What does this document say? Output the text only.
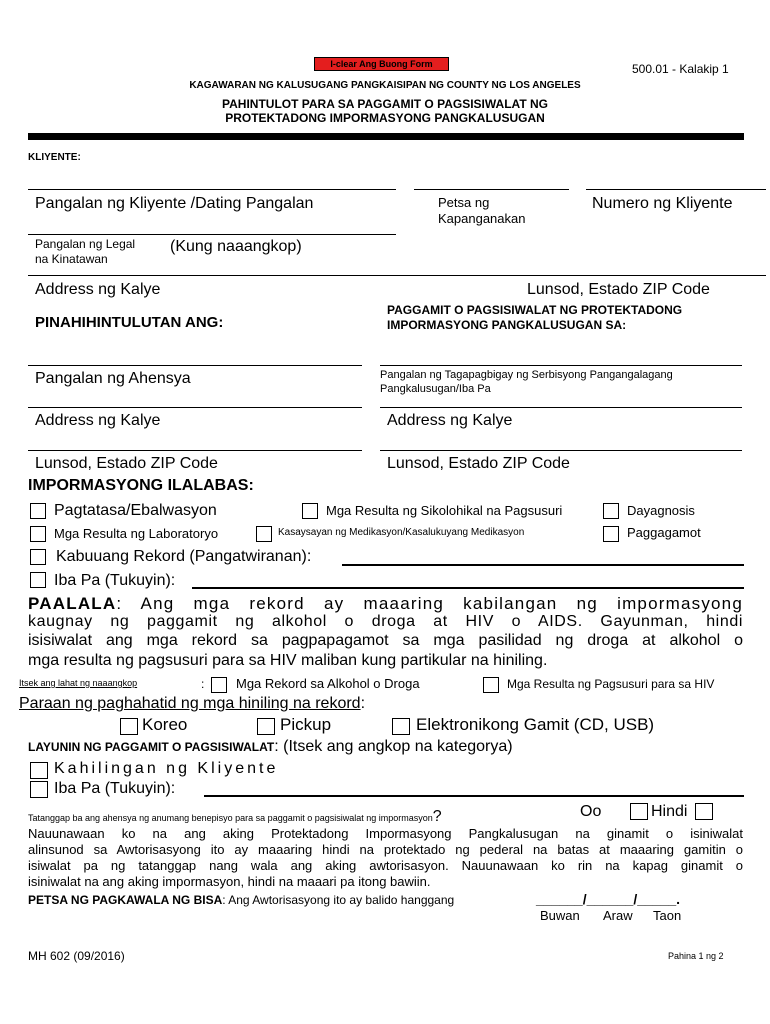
I-clear Ang Buong Form	500.01 - Kalakip 1
KAGAWARAN NG KALUSUGANG PANGKAISIPAN NG COUNTY NG LOS ANGELES
PAHINTULOT PARA SA PAGGAMIT O PAGSISIWALAT NG
PROTEKTADONG IMPORMASYONG PANGKALUSUGAN
KLIYENTE:
Pangalan ng Kliyente /Dating Pangalan	Petsa ng
Kapanganakan
Numero ng Kliyente
Pangalan ng Legal
na Kinatawan
(Kung naaangkop)
Address ng Kalye	Lunsod, Estado ZIP Code
PINAHIHINTULUTAN ANG:
PAGGAMIT O PAGSISIWALAT NG PROTEKTADONG
IMPORMASYONG PANGKALUSUGAN SA:
Pangalan ng Ahensya	Pangalan ng Tagapagbigay ng Serbisyong Pangangalagang
Pangkalusugan/Iba Pa
Address ng Kalye	Address ng Kalye
Lunsod, Estado ZIP Code	Lunsod, Estado ZIP Code
IMPORMASYONG ILALABAS:
Pagtatasa/Ebalwasyon	Mga Resulta ng Sikolohikal na Pagsusuri	Dayagnosis
Mga Resulta ng Laboratoryo	Kasaysayan ng Medikasyon/Kasalukuyang Medikasyon	Paggagamot
Kabuuang Rekord (Pangatwiranan):
Iba Pa (Tukuyin):
PAALALA: Ang mga rekord ay maaaring kabilangan ng impormasyong
kaugnay ng paggamit ng alkohol o droga at HIV o AIDS. Gayunman, hindi
isisiwalat ang mga rekord sa pagpapagamot sa mga pasilidad ng droga at alkohol o
mga resulta ng pagsusuri para sa HIV maliban kung partikular na hiniling.
Itsek ang lahat ng naaangkop	: Mga Rekord sa Alkohol o Droga	Mga Resulta ng Pagsusuri para sa HIV
Paraan ng paghahatid ng mga hiniling na rekord:
Koreo	Pickup	Elektronikong Gamit (CD, USB)
LAYUNIN NG PAGGAMIT O PAGSISIWALAT: (Itsek ang angkop na kategorya)
Kahilingan ng Kliyente
Iba Pa (Tukuyin):
Tatanggap ba ang ahensya ng anumang benepisyo para sa paggamit o pagsisiwalat ng impormasyon?	Oo	Hindi
Nauunawaan ko na ang aking Protektadong Impormasyong Pangkalusugan na ginamit o isiniwalat
alinsunod sa Awtorisasyong ito ay maaaring hindi na protektado ng pederal na batas at maaaring gamitin o
isiwalat pa ng tatanggap nang wala ang aking awtorisasyon. Nauunawaan ko rin na kapag ginamit o
isiniwalat na ang aking impormasyon, hindi na maaari pa itong bawiin.
PETSA NG PAGKAWALA NG BISA: Ang Awtorisasyong ito ay balido hanggang	______/______/_____.
Buwan Araw Taon
MH 602 (09/2016)	Pahina 1 ng 2
